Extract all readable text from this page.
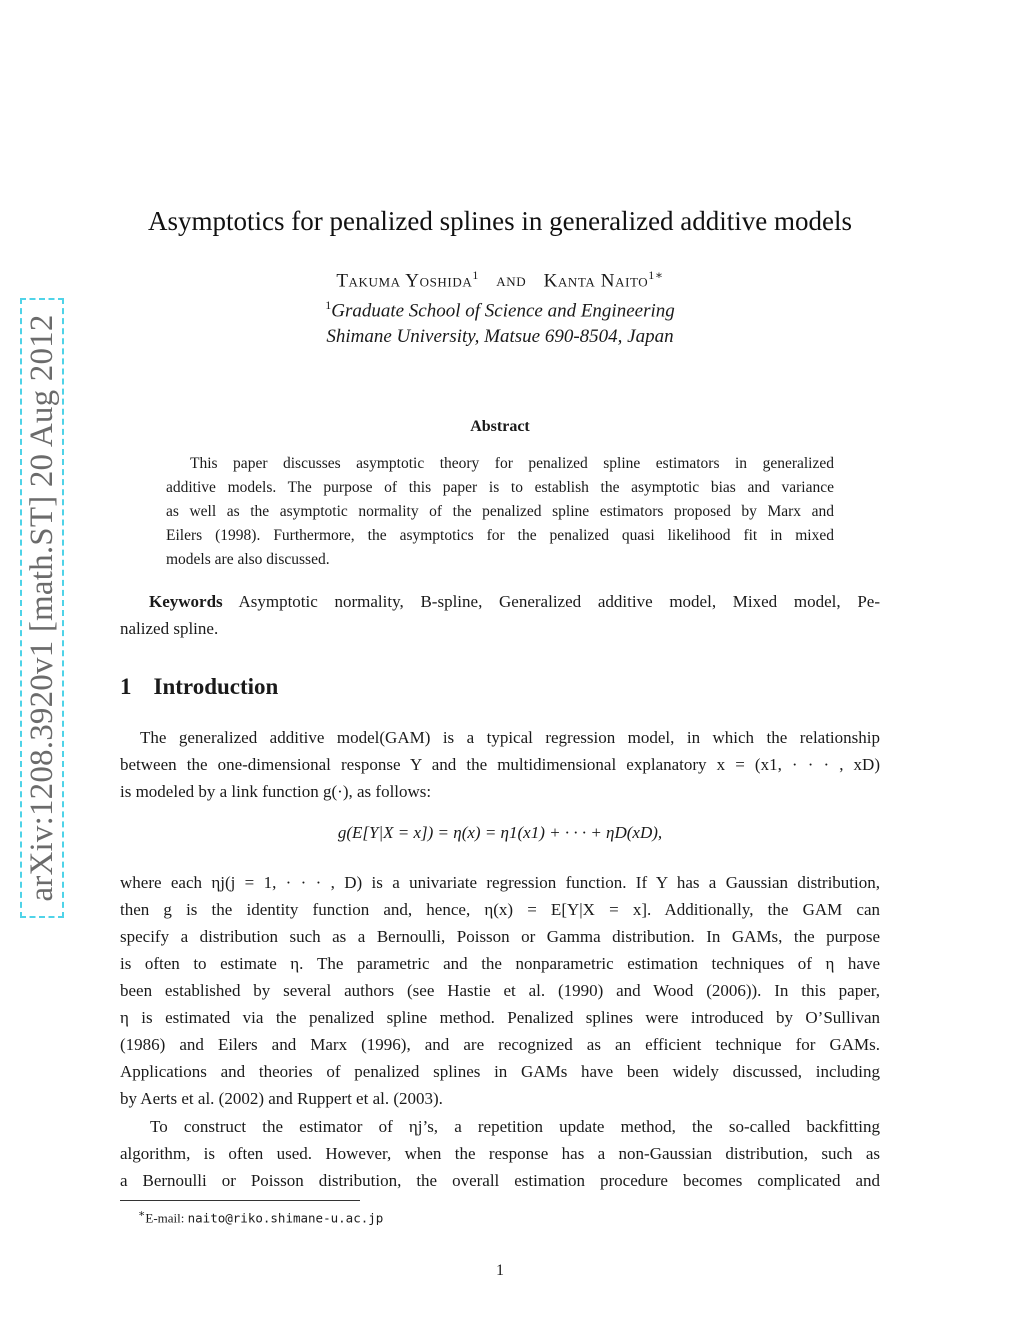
arXiv:1208.3920v1 [math.ST] 20 Aug 2012
Asymptotics for penalized splines in generalized additive models
Takuma Yoshida$^1$ and Kanta Naito$^{1∗}$
$^1$Graduate School of Science and Engineering
Shimane University, Matsue 690-8504, Japan
Abstract
This paper discusses asymptotic theory for penalized spline estimators in generalized
additive models. The purpose of this paper is to establish the asymptotic bias and variance
as well as the asymptotic normality of the penalized spline estimators proposed by Marx and
Eilers (1998). Furthermore, the asymptotics for the penalized quasi likelihood fit in mixed
models are also discussed.
Keywords Asymptotic normality, B-spline, Generalized additive model, Mixed model, Pe-
nalized spline.
1 Introduction
The generalized additive model(GAM) is a typical regression model, in which the relationship
between the one-dimensional response Y and the multidimensional explanatory x = (x1, · · · , xD)
is modeled by a link function g(·), as follows:
g(E[Y|X = x]) = η(x) = η1(x1) + · · · + ηD(xD),
where each ηj(j = 1, · · · , D) is a univariate regression function. If Y has a Gaussian distribution,
then g is the identity function and, hence, η(x) = E[Y|X = x]. Additionally, the GAM can
specify a distribution such as a Bernoulli, Poisson or Gamma distribution. In GAMs, the purpose
is often to estimate η. The parametric and the nonparametric estimation techniques of η have
been established by several authors (see Hastie et al. (1990) and Wood (2006)). In this paper,
η is estimated via the penalized spline method. Penalized splines were introduced by O’Sullivan
(1986) and Eilers and Marx (1996), and are recognized as an efficient technique for GAMs.
Applications and theories of penalized splines in GAMs have been widely discussed, including
by Aerts et al. (2002) and Ruppert et al. (2003).
To construct the estimator of ηj’s, a repetition update method, the so-called backfitting
algorithm, is often used. However, when the response has a non-Gaussian distribution, such as
a Bernoulli or Poisson distribution, the overall estimation procedure becomes complicated and
∗E-mail: naito@riko.shimane-u.ac.jp
1
